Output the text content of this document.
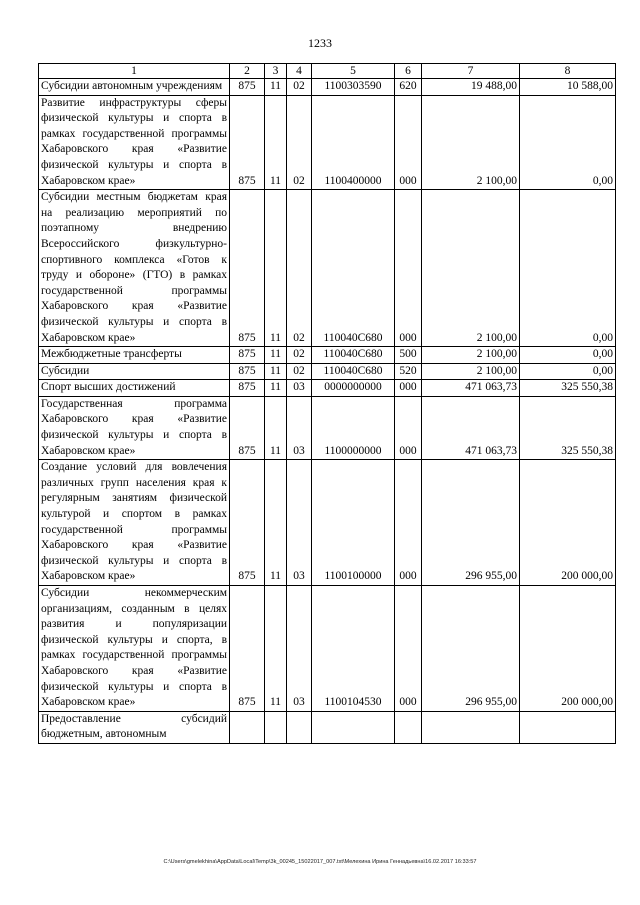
1233
1	2	3	4	5	6	7	8
Субсидии автономным учреждениям	875	11	02	1100303590	620	19 488,00	10 588,00
Развитие инфраструктуры сферы физической культуры и спорта в рамках государственной программы Хабаровского края «Развитие физической культуры и спорта в Хабаровском крае»	875	11	02	1100400000	000	2 100,00	0,00
Субсидии местным бюджетам края на реализацию мероприятий по поэтапному внедрению Всероссийского физкультурно-спортивного комплекса «Готов к труду и обороне» (ГТО) в рамках государственной программы Хабаровского края «Развитие физической культуры и спорта в Хабаровском крае»	875	11	02	110040С680	000	2 100,00	0,00
Межбюджетные трансферты	875	11	02	110040С680	500	2 100,00	0,00
Субсидии	875	11	02	110040С680	520	2 100,00	0,00
Спорт высших достижений	875	11	03	0000000000	000	471 063,73	325 550,38
Государственная программа Хабаровского края «Развитие физической культуры и спорта в Хабаровском крае»	875	11	03	1100000000	000	471 063,73	325 550,38
Создание условий для вовлечения различных групп населения края к регулярным занятиям физической культурой и спортом в рамках государственной программы Хабаровского края «Развитие физической культуры и спорта в Хабаровском крае»	875	11	03	1100100000	000	296 955,00	200 000,00
Субсидии некоммерческим организациям, созданным в целях развития и популяризации физической культуры и спорта, в рамках государственной программы Хабаровского края «Развитие физической культуры и спорта в Хабаровском крае»	875	11	03	1100104530	000	296 955,00	200 000,00
Предоставление субсидий бюджетным, автономным							
C:\Users\gmelekhina\AppData\Local\Temp\3k_00245_15022017_007.txt\Мелехина Ирина Геннадьевна\16.02.2017 16:33:57
